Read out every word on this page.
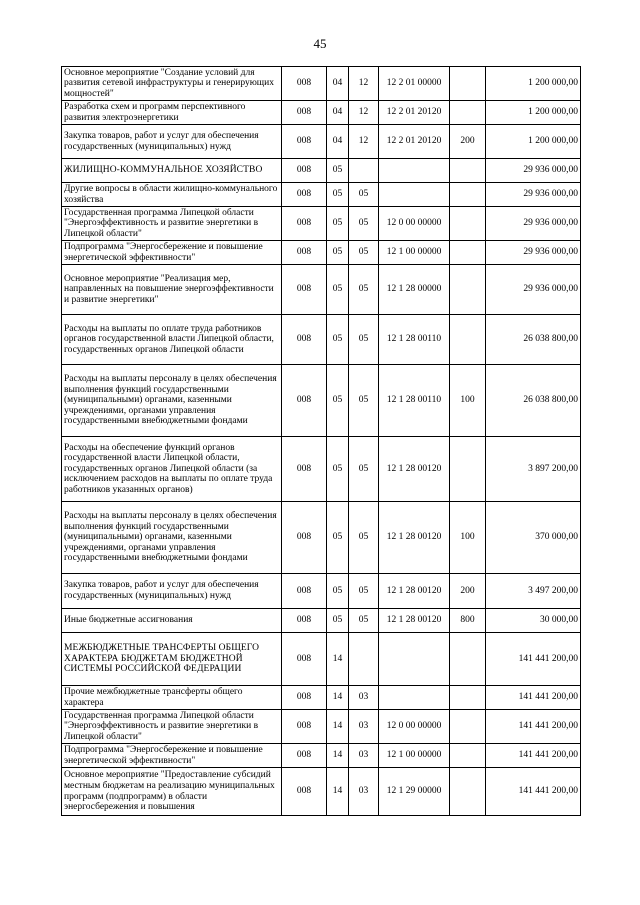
45
Основное мероприятие "Создание условий для развития сетевой инфраструктуры и генерирующих мощностей"	008	04	12	12 2 01 00000		1 200 000,00
Разработка схем и программ перспективного развития электроэнергетики	008	04	12	12 2 01 20120		1 200 000,00
Закупка товаров, работ и услуг для обеспечения государственных (муниципальных) нужд	008	04	12	12 2 01 20120	200	1 200 000,00
ЖИЛИЩНО-КОММУНАЛЬНОЕ ХОЗЯЙСТВО	008	05				29 936 000,00
Другие вопросы в области жилищно-коммунального хозяйства	008	05	05			29 936 000,00
Государственная программа Липецкой области "Энергоэффективность и развитие энергетики в Липецкой области"	008	05	05	12 0 00 00000		29 936 000,00
Подпрограмма "Энергосбережение и повышение энергетической эффективности"	008	05	05	12 1 00 00000		29 936 000,00
Основное мероприятие "Реализация мер, направленных на повышение энергоэффективности и развитие энергетики"	008	05	05	12 1 28 00000		29 936 000,00
Расходы на выплаты по оплате труда работников органов государственной власти Липецкой области, государственных органов Липецкой области	008	05	05	12 1 28 00110		26 038 800,00
Расходы на выплаты персоналу в целях обеспечения выполнения функций государственными (муниципальными) органами, казенными учреждениями, органами управления государственными внебюджетными фондами	008	05	05	12 1 28 00110	100	26 038 800,00
Расходы на обеспечение функций органов государственной власти Липецкой области, государственных органов Липецкой области (за исключением расходов на выплаты по оплате труда работников указанных органов)	008	05	05	12 1 28 00120		3 897 200,00
Расходы на выплаты персоналу в целях обеспечения выполнения функций государственными (муниципальными) органами, казенными учреждениями, органами управления государственными внебюджетными фондами	008	05	05	12 1 28 00120	100	370 000,00
Закупка товаров, работ и услуг для обеспечения государственных (муниципальных) нужд	008	05	05	12 1 28 00120	200	3 497 200,00
Иные бюджетные ассигнования	008	05	05	12 1 28 00120	800	30 000,00
МЕЖБЮДЖЕТНЫЕ ТРАНСФЕРТЫ ОБЩЕГО ХАРАКТЕРА БЮДЖЕТАМ БЮДЖЕТНОЙ СИСТЕМЫ РОССИЙСКОЙ ФЕДЕРАЦИИ	008	14				141 441 200,00
Прочие межбюджетные трансферты общего характера	008	14	03			141 441 200,00
Государственная программа Липецкой области "Энергоэффективность и развитие энергетики в Липецкой области"	008	14	03	12 0 00 00000		141 441 200,00
Подпрограмма "Энергосбережение и повышение энергетической эффективности"	008	14	03	12 1 00 00000		141 441 200,00
Основное мероприятие "Предоставление субсидий местным бюджетам на реализацию муниципальных программ (подпрограмм) в области энергосбережения и повышения	008	14	03	12 1 29 00000		141 441 200,00
